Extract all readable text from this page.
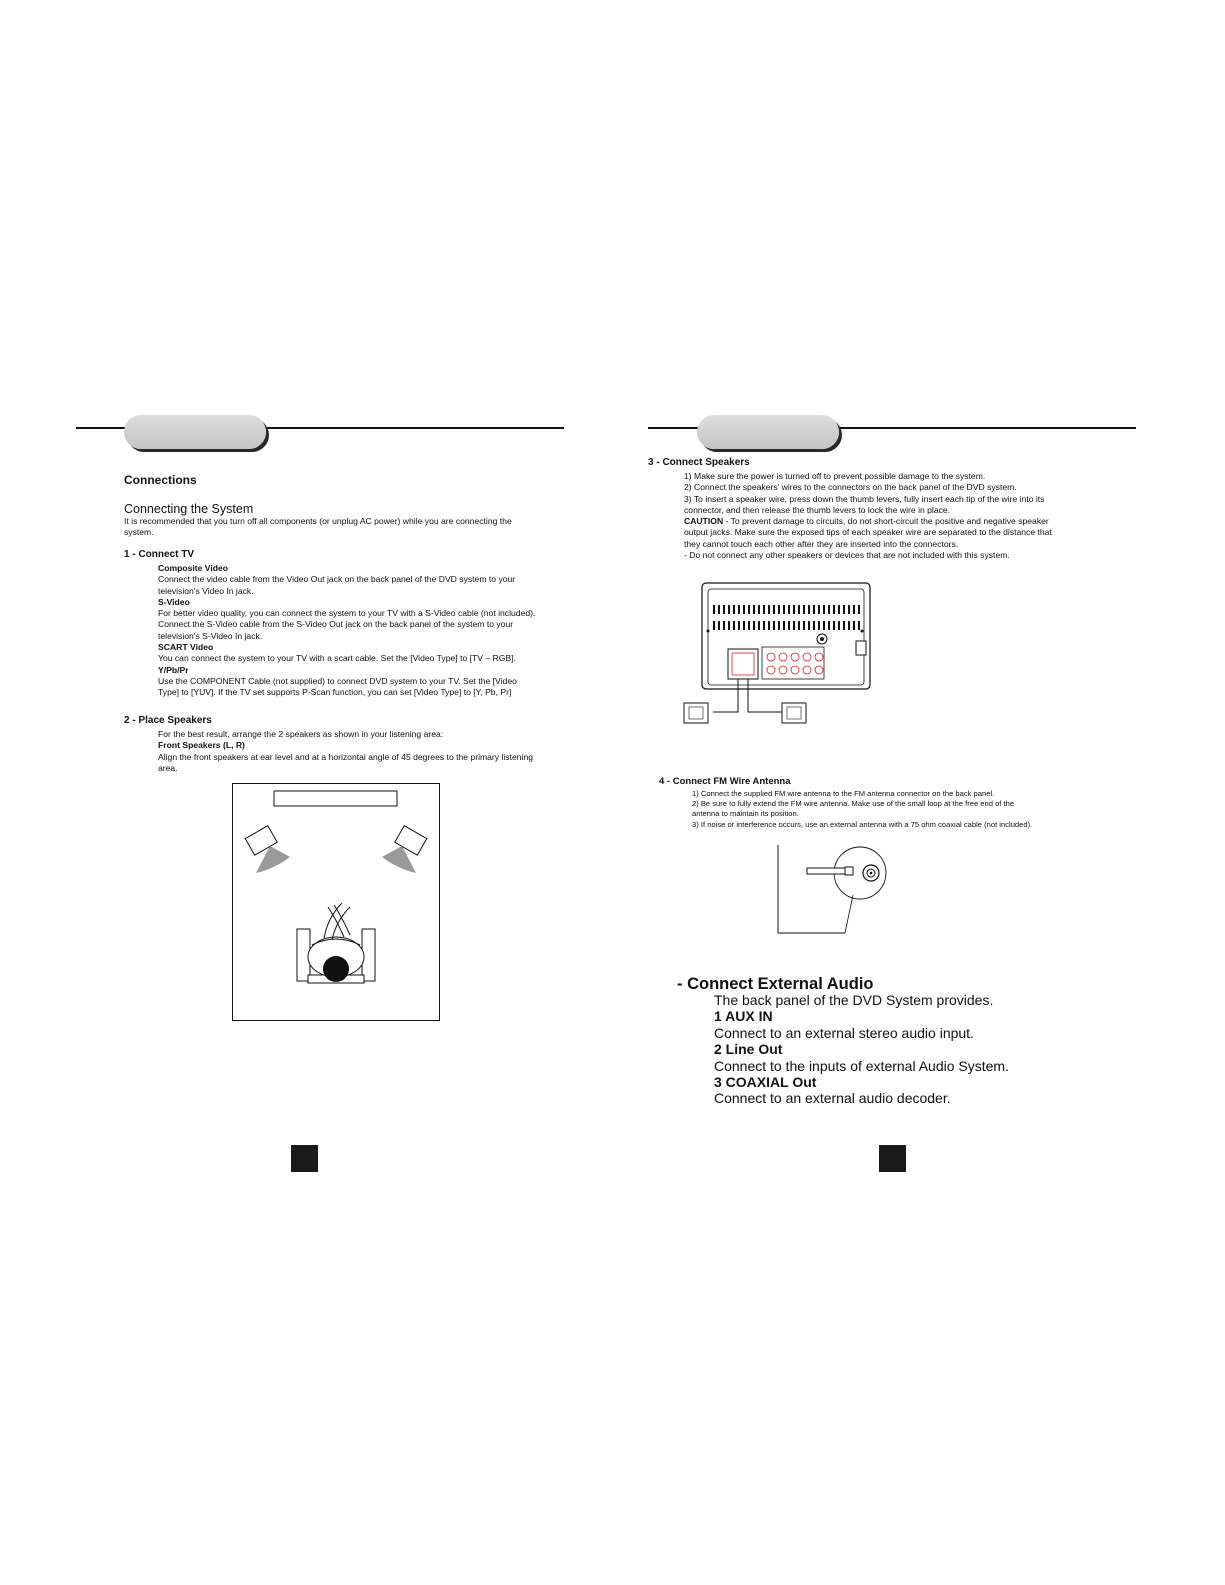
Connections
Connecting the System
It is recommended that you turn off all components (or unplug AC power) while you are connecting the
system.
1 - Connect TV
Composite Video
Connect the video cable from the Video Out jack on the back panel of the DVD system to your
television's Video In jack.
S-Video
For better video quality, you can connect the system to your TV with a S-Video cable (not included).
Connect the S-Video cable from the S-Video Out jack on the back panel of the system to your
television's S-Video In jack.
SCART Video
You can connect the system to your TV with a scart cable. Set the [Video Type] to [TV – RGB].
Y/Pb/Pr
Use the COMPONENT Cable (not supplied) to connect DVD system to your TV. Set the [Video
Type] to [YUV]. If the TV set supports P-Scan function, you can set [Video Type] to [Y, Pb, Pr]
2 - Place Speakers
For the best result, arrange the 2 speakers as shown in your listening area:
Front Speakers (L, R)
Align the front speakers at ear level and at a horizontal angle of 45 degrees to the primary listening
area.
3 - Connect Speakers
1) Make sure the power is turned off to prevent possible damage to the system.
2) Connect the speakers' wires to the connectors on the back panel of the DVD system.
3) To insert a speaker wire, press down the thumb levers, fully insert each tip of the wire into its
connector, and then release the thumb levers to lock the wire in place.
CAUTION - To prevent damage to circuits, do not short-circuit the positive and negative speaker
output jacks. Make sure the exposed tips of each speaker wire are separated to the distance that
they cannot touch each other after they are inserted into the connectors.
- Do not connect any other speakers or devices that are not included with this system.
4 - Connect FM Wire Antenna
1) Connect the supplied FM wire antenna to the FM antenna connector on the back panel.
2) Be sure to fully extend the FM wire antenna. Make use of the small loop at the free end of the
antenna to maintain its position.
3) If noise or interference occurs, use an external antenna with a 75 ohm coaxial cable (not included).
- Connect External Audio
The back panel of the DVD System provides.
1 AUX IN
Connect to an external stereo audio input.
2 Line Out
Connect to the inputs of external Audio System.
3 COAXIAL Out
Connect to an external audio decoder.
